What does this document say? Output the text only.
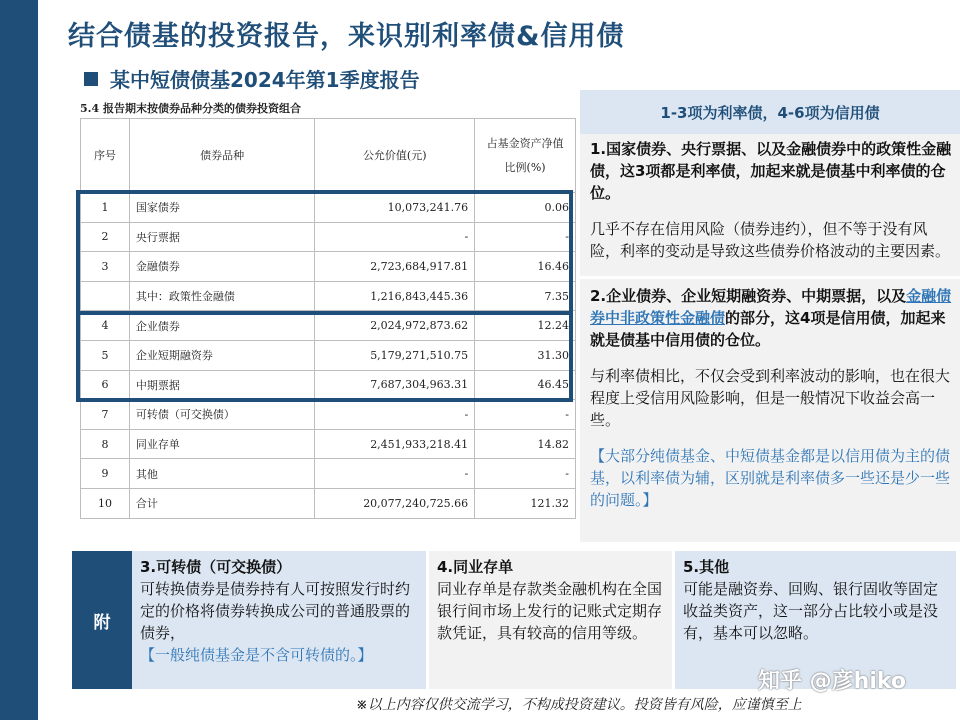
结合债基的投资报告，来识别利率债&信用债
某中短债债基2024年第1季度报告
5.4 报告期末按债券品种分类的债券投资组合
序号	债券品种	公允价值(元)	占基金资产净值比例(%)
1	国家债券	10,073,241.76	0.06
2	央行票据	-	-
3	金融债券	2,723,684,917.81	16.46
	其中：政策性金融债	1,216,843,445.36	7.35
4	企业债券	2,024,972,873.62	12.24
5	企业短期融资券	5,179,271,510.75	31.30
6	中期票据	7,687,304,963.31	46.45
7	可转债（可交换债）	-	-
8	同业存单	2,451,933,218.41	14.82
9	其他	-	-
10	合计	20,077,240,725.66	121.32
1-3项为利率债，4-6项为信用债

1.国家债券、央行票据、以及金融债券中的政策性金融债，这3项都是利率债，加起来就是债基中利率债的仓位。

几乎不存在信用风险（债券违约），但不等于没有风险，利率的变动是导致这些债券价格波动的主要因素。

2.企业债券、企业短期融资券、中期票据，以及金融债券中非政策性金融债的部分，这4项是信用债，加起来就是债基中信用债的仓位。

与利率债相比，不仅会受到利率波动的影响，也在很大程度上受信用风险影响，但是一般情况下收益会高一些。

【大部分纯债基金、中短债基金都是以信用债为主的债基，以利率债为辅，区别就是利率债多一些还是少一些的问题。】

附
3.可转债（可交换债）
可转换债券是债券持有人可按照发行时约定的价格将债券转换成公司的普通股票的债券，
【一般纯债基金是不含可转债的。】
4.同业存单
同业存单是存款类金融机构在全国银行间市场上发行的记账式定期存款凭证，具有较高的信用等级。
5.其他
可能是融资券、回购、银行固收等固定收益类资产，这一部分占比较小或是没有，基本可以忽略。
知乎 @彦hiko
※以上内容仅供交流学习，不构成投资建议。投资皆有风险，应谨慎至上
